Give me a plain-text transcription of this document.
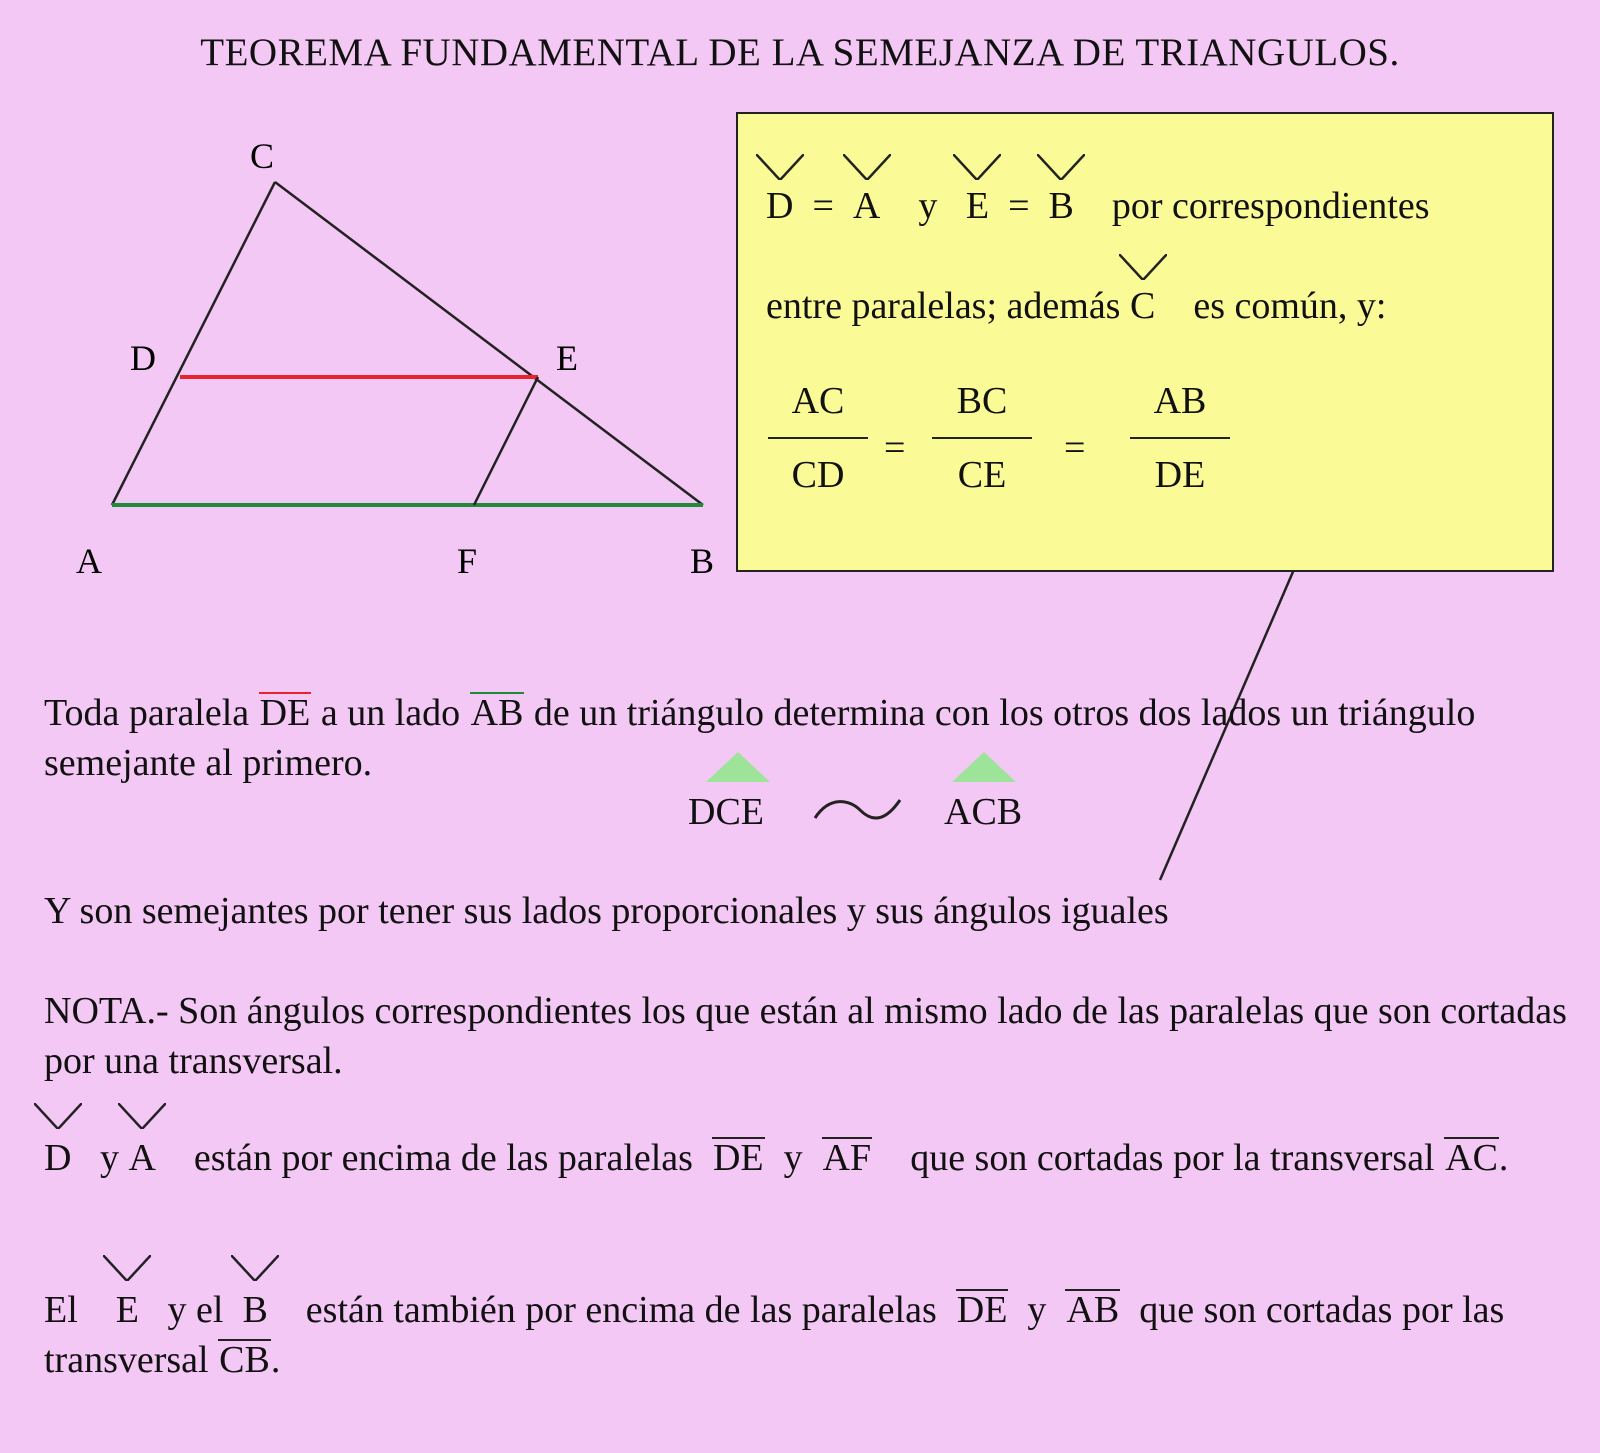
TEOREMA FUNDAMENTAL DE LA SEMEJANZA DE TRIANGULOS.
C
D	E
A	F	B
D = A y E = B por correspondientes
entre paralelas; además C es común, y:
AC
CD
=
BC
CE
=
AB
DE
Toda paralela DE a un lado AB de un triángulo determina con los otros dos lados un triángulo semejante al primero.
DCE	ACB
Y son semejantes por tener sus lados proporcionales y sus ángulos iguales
NOTA.- Son ángulos correspondientes los que están al mismo lado de las paralelas que son cortadas por una transversal.
D y A están por encima de las paralelas DE y AF que son cortadas por la transversal AC.
El E y el B están también por encima de las paralelas DE y AB que son cortadas por las transversal CB.
